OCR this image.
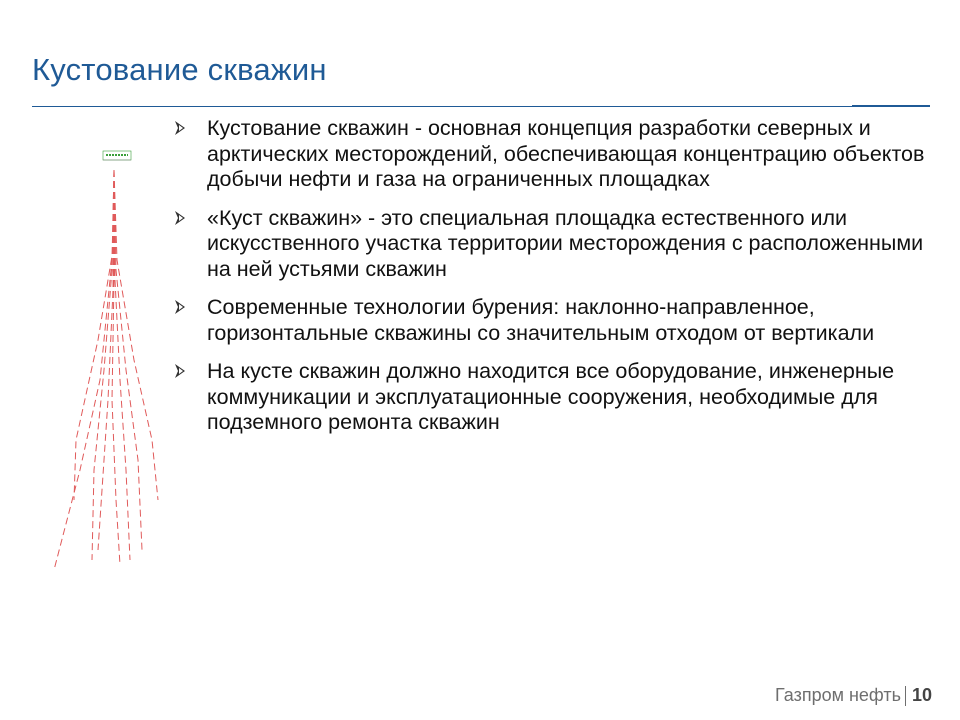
Кустование скважин
Кустование скважин - основная концепция разработки северных и арктических месторождений, обеспечивающая концентрацию объектов добычи нефти и газа на ограниченных площадках
«Куст скважин» - это специальная площадка естественного или искусственного участка территории месторождения с расположенными на ней устьями скважин
Современные технологии бурения: наклонно-направленное, горизонтальные скважины со значительным отходом от вертикали
На кусте скважин должно находится все оборудование, инженерные коммуникации и эксплуатационные сооружения, необходимые для подземного ремонта скважин
Газпром нефть 10
